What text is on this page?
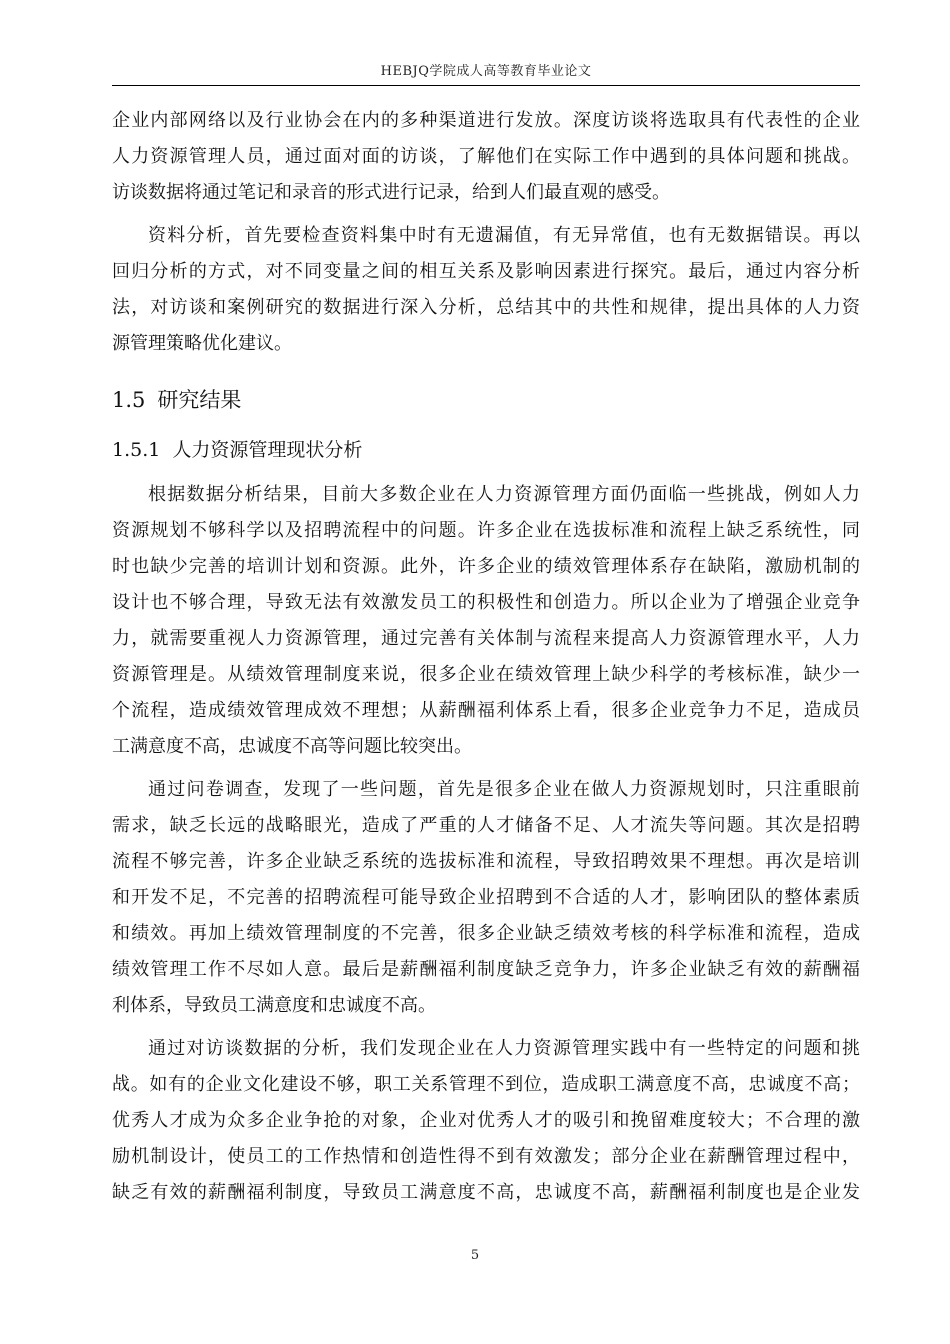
HEBJQ学院成人高等教育毕业论文
企业内部网络以及行业协会在内的多种渠道进行发放。深度访谈将选取具有代表性的企业
人力资源管理人员，通过面对面的访谈，了解他们在实际工作中遇到的具体问题和挑战。
访谈数据将通过笔记和录音的形式进行记录，给到人们最直观的感受。
资料分析，首先要检查资料集中时有无遗漏值，有无异常值，也有无数据错误。再以
回归分析的方式，对不同变量之间的相互关系及影响因素进行探究。最后，通过内容分析
法，对访谈和案例研究的数据进行深入分析，总结其中的共性和规律，提出具体的人力资
源管理策略优化建议。
1.5 研究结果
1.5.1 人力资源管理现状分析
根据数据分析结果，目前大多数企业在人力资源管理方面仍面临一些挑战，例如人力
资源规划不够科学以及招聘流程中的问题。许多企业在选拔标准和流程上缺乏系统性，同
时也缺少完善的培训计划和资源。此外，许多企业的绩效管理体系存在缺陷，激励机制的
设计也不够合理，导致无法有效激发员工的积极性和创造力。所以企业为了增强企业竞争
力，就需要重视人力资源管理，通过完善有关体制与流程来提高人力资源管理水平，人力
资源管理是。从绩效管理制度来说，很多企业在绩效管理上缺少科学的考核标准，缺少一
个流程，造成绩效管理成效不理想；从薪酬福利体系上看，很多企业竞争力不足，造成员
工满意度不高，忠诚度不高等问题比较突出。
通过问卷调查，发现了一些问题，首先是很多企业在做人力资源规划时，只注重眼前
需求，缺乏长远的战略眼光，造成了严重的人才储备不足、人才流失等问题。其次是招聘
流程不够完善，许多企业缺乏系统的选拔标准和流程，导致招聘效果不理想。再次是培训
和开发不足，不完善的招聘流程可能导致企业招聘到不合适的人才，影响团队的整体素质
和绩效。再加上绩效管理制度的不完善，很多企业缺乏绩效考核的科学标准和流程，造成
绩效管理工作不尽如人意。最后是薪酬福利制度缺乏竞争力，许多企业缺乏有效的薪酬福
利体系，导致员工满意度和忠诚度不高。
通过对访谈数据的分析，我们发现企业在人力资源管理实践中有一些特定的问题和挑
战。如有的企业文化建设不够，职工关系管理不到位，造成职工满意度不高，忠诚度不高；
优秀人才成为众多企业争抢的对象，企业对优秀人才的吸引和挽留难度较大；不合理的激
励机制设计，使员工的工作热情和创造性得不到有效激发；部分企业在薪酬管理过程中，
缺乏有效的薪酬福利制度，导致员工满意度不高，忠诚度不高，薪酬福利制度也是企业发
5
